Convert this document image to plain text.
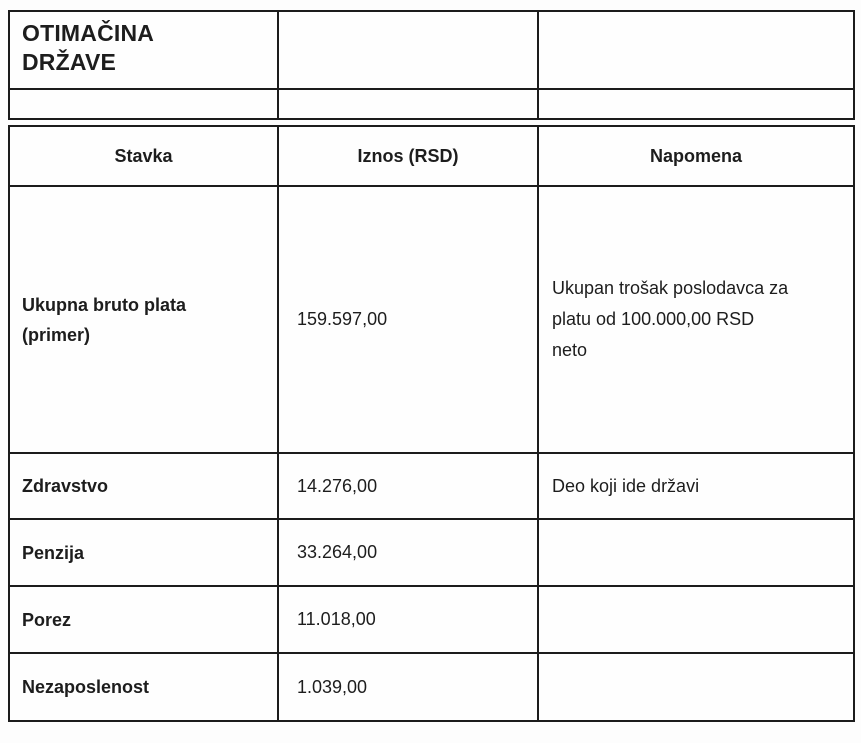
OTIMAČINA DRŽAVE		

Stavka	Iznos (RSD)	Napomena

Ukupna bruto plata (primer)	159.597,00	Ukupan trošak poslodavca za platu od 100.000,00 RSD neto

Zdravstvo	14.276,00	Deo koji ide državi

Penzija	33.264,00	

Porez	11.018,00	

Nezaposlenost	1.039,00	
